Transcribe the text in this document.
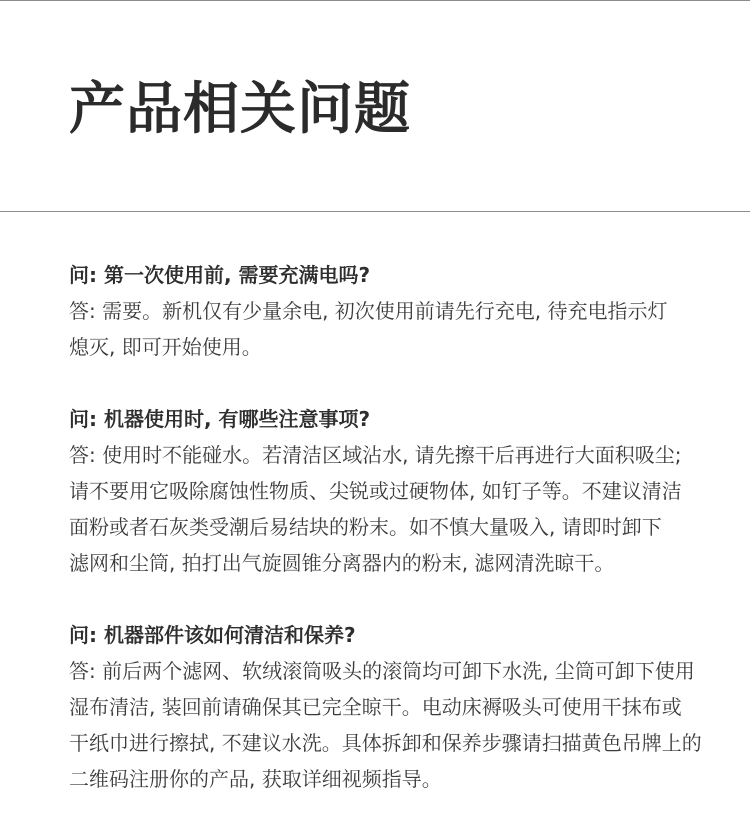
产品相关问题
问: 第一次使用前, 需要充满电吗?
答: 需要。新机仅有少量余电, 初次使用前请先行充电, 待充电指示灯
熄灭, 即可开始使用。
问: 机器使用时, 有哪些注意事项?
答: 使用时不能碰水。若清洁区域沾水, 请先擦干后再进行大面积吸尘;
请不要用它吸除腐蚀性物质、尖锐或过硬物体, 如钉子等。不建议清洁
面粉或者石灰类受潮后易结块的粉末。如不慎大量吸入, 请即时卸下
滤网和尘筒, 拍打出气旋圆锥分离器内的粉末, 滤网清洗晾干。
问: 机器部件该如何清洁和保养?
答: 前后两个滤网、软绒滚筒吸头的滚筒均可卸下水洗, 尘筒可卸下使用
湿布清洁, 装回前请确保其已完全晾干。电动床褥吸头可使用干抹布或
干纸巾进行擦拭, 不建议水洗。具体拆卸和保养步骤请扫描黄色吊牌上的
二维码注册你的产品, 获取详细视频指导。
